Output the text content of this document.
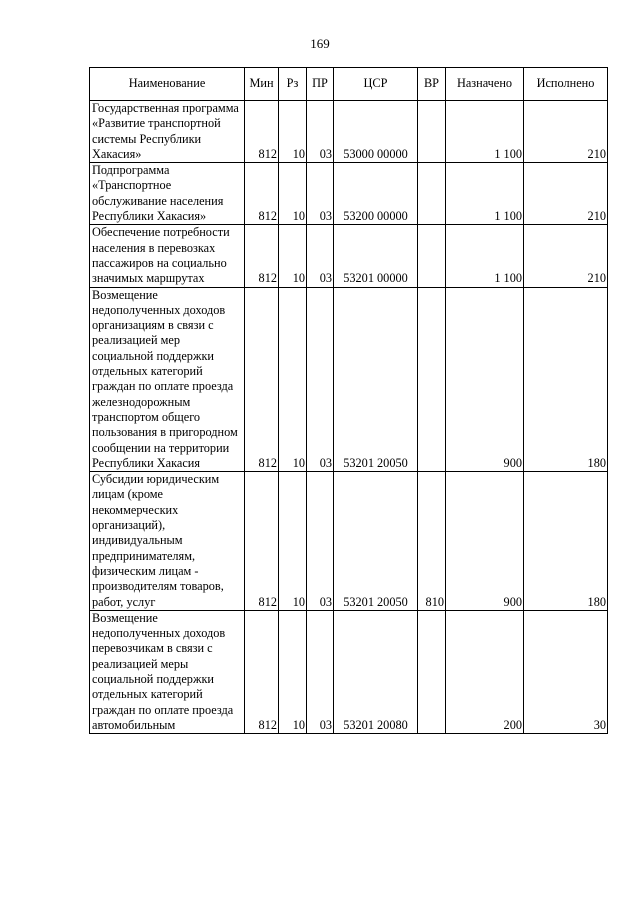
169
Наименование	Мин	Рз	ПР	ЦСР	ВР	Назначено	Исполнено
Государственная программа «Развитие транспортной системы Республики Хакасия»	812	10	03	53000 00000		1 100	210
Подпрограмма «Транспортное обслуживание населения Республики Хакасия»	812	10	03	53200 00000		1 100	210
Обеспечение потребности населения в перевозках пассажиров на социально значимых маршрутах	812	10	03	53201 00000		1 100	210
Возмещение недополученных доходов организациям в связи с реализацией мер социальной поддержки отдельных категорий граждан по оплате проезда железнодорожным транспортом общего пользования в пригородном сообщении на территории Республики Хакасия	812	10	03	53201 20050		900	180
Субсидии юридическим лицам (кроме некоммерческих организаций), индивидуальным предпринимателям, физическим лицам - производителям товаров, работ, услуг	812	10	03	53201 20050	810	900	180
Возмещение недополученных доходов перевозчикам в связи с реализацией меры социальной поддержки отдельных категорий граждан по оплате проезда автомобильным	812	10	03	53201 20080		200	30
